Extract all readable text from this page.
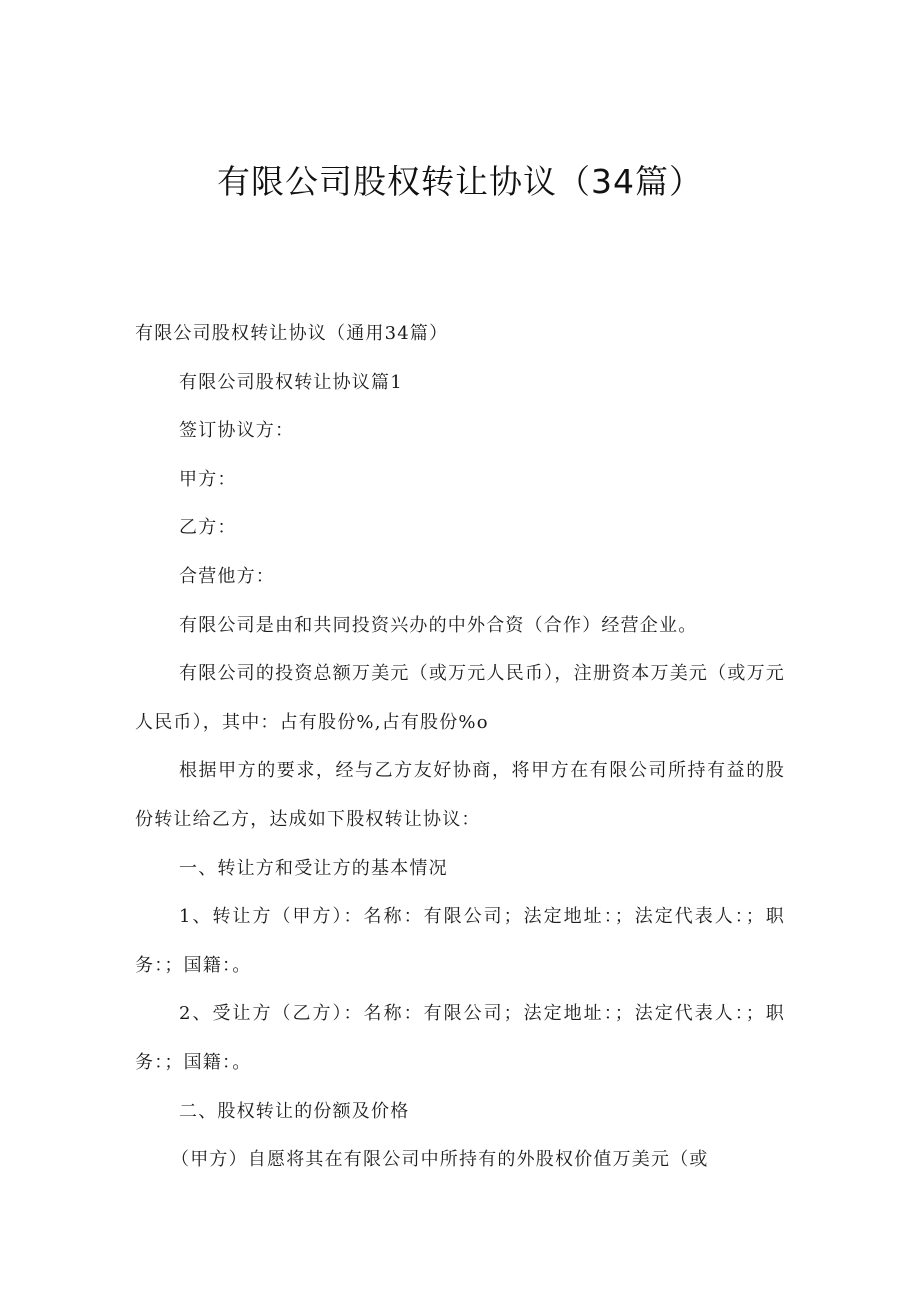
有限公司股权转让协议（34篇）

有限公司股权转让协议（通用34篇）

有限公司股权转让协议篇1

签订协议方：

甲方：

乙方：

合营他方：

有限公司是由和共同投资兴办的中外合资（合作）经营企业。

有限公司的投资总额万美元（或万元人民币），注册资本万美元（或万元人民币），其中：占有股份%,占有股份%o

根据甲方的要求，经与乙方友好协商，将甲方在有限公司所持有益的股份转让给乙方，达成如下股权转让协议：

一、转让方和受让方的基本情况

1、转让方（甲方）：名称：有限公司；法定地址：；法定代表人：；职务：；国籍：。

2、受让方（乙方）：名称：有限公司；法定地址：；法定代表人：；职务：；国籍：。

二、股权转让的份额及价格

（甲方）自愿将其在有限公司中所持有的外股权价值万美元（或
